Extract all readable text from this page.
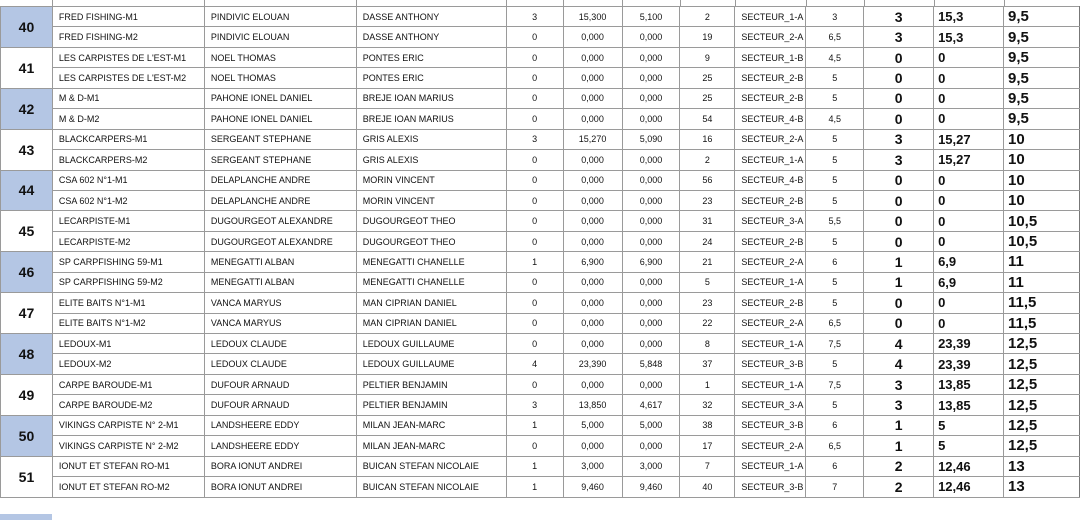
40	FRED FISHING-M1	PINDIVIC ELOUAN	DASSE ANTHONY	3	15,300	5,100	2	SECTEUR_1-A	3	3	15,3	9,5
	FRED FISHING-M2	PINDIVIC ELOUAN	DASSE ANTHONY	0	0,000	0,000	19	SECTEUR_2-A	6,5	3	15,3	9,5
41	LES CARPISTES DE L'EST-M1	NOEL THOMAS	PONTES ERIC	0	0,000	0,000	9	SECTEUR_1-B	4,5	0	0	9,5
	LES CARPISTES DE L'EST-M2	NOEL THOMAS	PONTES ERIC	0	0,000	0,000	25	SECTEUR_2-B	5	0	0	9,5
42	M & D-M1	PAHONE IONEL DANIEL	BREJE IOAN MARIUS	0	0,000	0,000	25	SECTEUR_2-B	5	0	0	9,5
	M & D-M2	PAHONE IONEL DANIEL	BREJE IOAN MARIUS	0	0,000	0,000	54	SECTEUR_4-B	4,5	0	0	9,5
43	BLACKCARPERS-M1	SERGEANT STEPHANE	GRIS ALEXIS	3	15,270	5,090	16	SECTEUR_2-A	5	3	15,27	10
	BLACKCARPERS-M2	SERGEANT STEPHANE	GRIS ALEXIS	0	0,000	0,000	2	SECTEUR_1-A	5	3	15,27	10
44	CSA 602 N°1-M1	DELAPLANCHE ANDRE	MORIN VINCENT	0	0,000	0,000	56	SECTEUR_4-B	5	0	0	10
	CSA 602 N°1-M2	DELAPLANCHE ANDRE	MORIN VINCENT	0	0,000	0,000	23	SECTEUR_2-B	5	0	0	10
45	LECARPISTE-M1	DUGOURGEOT ALEXANDRE	DUGOURGEOT THEO	0	0,000	0,000	31	SECTEUR_3-A	5,5	0	0	10,5
	LECARPISTE-M2	DUGOURGEOT ALEXANDRE	DUGOURGEOT THEO	0	0,000	0,000	24	SECTEUR_2-B	5	0	0	10,5
46	SP CARPFISHING 59-M1	MENEGATTI ALBAN	MENEGATTI CHANELLE	1	6,900	6,900	21	SECTEUR_2-A	6	1	6,9	11
	SP CARPFISHING 59-M2	MENEGATTI ALBAN	MENEGATTI CHANELLE	0	0,000	0,000	5	SECTEUR_1-A	5	1	6,9	11
47	ELITE BAITS N°1-M1	VANCA MARYUS	MAN CIPRIAN DANIEL	0	0,000	0,000	23	SECTEUR_2-B	5	0	0	11,5
	ELITE BAITS N°1-M2	VANCA MARYUS	MAN CIPRIAN DANIEL	0	0,000	0,000	22	SECTEUR_2-A	6,5	0	0	11,5
48	LEDOUX-M1	LEDOUX CLAUDE	LEDOUX GUILLAUME	0	0,000	0,000	8	SECTEUR_1-A	7,5	4	23,39	12,5
	LEDOUX-M2	LEDOUX CLAUDE	LEDOUX GUILLAUME	4	23,390	5,848	37	SECTEUR_3-B	5	4	23,39	12,5
49	CARPE BAROUDE-M1	DUFOUR ARNAUD	PELTIER BENJAMIN	0	0,000	0,000	1	SECTEUR_1-A	7,5	3	13,85	12,5
	CARPE BAROUDE-M2	DUFOUR ARNAUD	PELTIER BENJAMIN	3	13,850	4,617	32	SECTEUR_3-A	5	3	13,85	12,5
50	VIKINGS CARPISTE N° 2-M1	LANDSHEERE EDDY	MILAN JEAN-MARC	1	5,000	5,000	38	SECTEUR_3-B	6	1	5	12,5
	VIKINGS CARPISTE N° 2-M2	LANDSHEERE EDDY	MILAN JEAN-MARC	0	0,000	0,000	17	SECTEUR_2-A	6,5	1	5	12,5
51	IONUT ET STEFAN RO-M1	BORA IONUT ANDREI	BUICAN STEFAN NICOLAIE	1	3,000	3,000	7	SECTEUR_1-A	6	2	12,46	13
	IONUT ET STEFAN RO-M2	BORA IONUT ANDREI	BUICAN STEFAN NICOLAIE	1	9,460	9,460	40	SECTEUR_3-B	7	2	12,46	13
